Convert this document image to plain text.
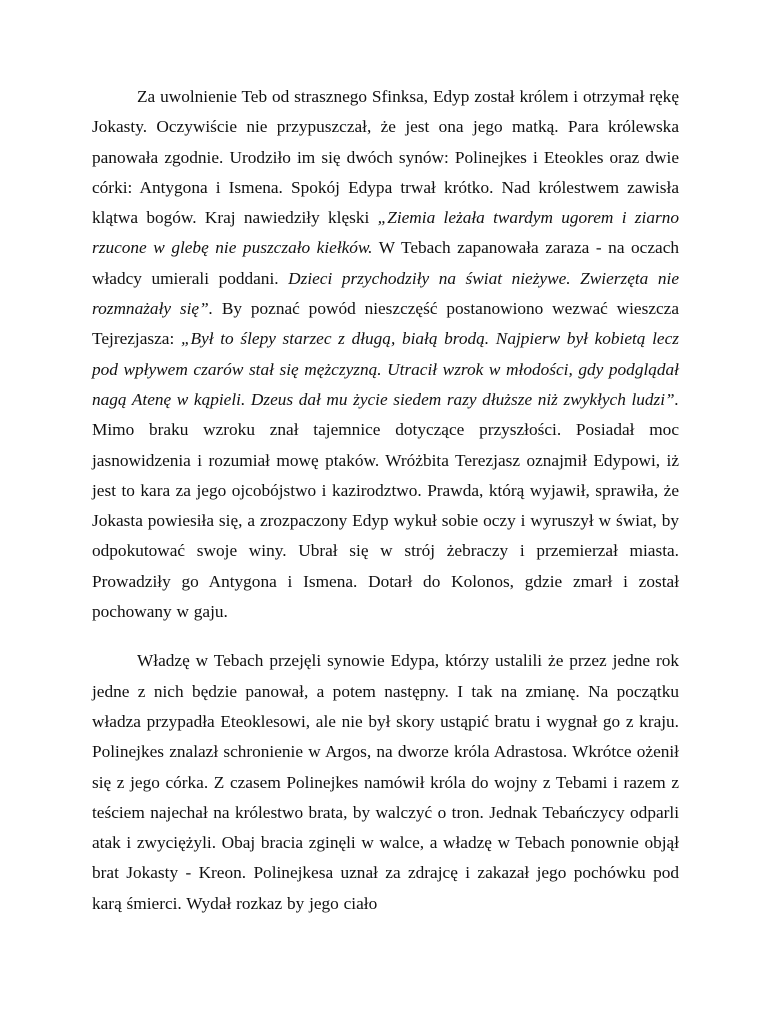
Za uwolnienie Teb od strasznego Sfinksa, Edyp został królem i otrzymał rękę Jokasty. Oczywiście nie przypuszczał, że jest ona jego matką. Para królewska panowała zgodnie. Urodziło im się dwóch synów: Polinejkes i Eteokles oraz dwie córki: Antygona i Ismena. Spokój Edypa trwał krótko. Nad królestwem zawisła klątwa bogów. Kraj nawiedziły klęski „Ziemia leżała twardym ugorem i ziarno rzucone w glebę nie puszczało kiełków. W Tebach zapanowała zaraza - na oczach władcy umierali poddani. Dzieci przychodziły na świat nieżywe. Zwierzęta nie rozmnażały się”. By poznać powód nieszczęść postanowiono wezwać wieszcza Tejrezjasza: „Był to ślepy starzec z długą, białą brodą. Najpierw był kobietą lecz pod wpływem czarów stał się mężczyzną. Utracił wzrok w młodości, gdy podglądał nagą Atenę w kąpieli. Dzeus dał mu życie siedem razy dłuższe niż zwykłych ludzi”. Mimo braku wzroku znał tajemnice dotyczące przyszłości. Posiadał moc jasnowidzenia i rozumiał mowę ptaków. Wróżbita Terezjasz oznajmił Edypowi, iż jest to kara za jego ojcobójstwo i kazirodztwo. Prawda, którą wyjawił, sprawiła, że Jokasta powiesiła się, a zrozpaczony Edyp wykuł sobie oczy i wyruszył w świat, by odpokutować swoje winy. Ubrał się w strój żebraczy i przemierzał miasta. Prowadziły go Antygona i Ismena. Dotarł do Kolonos, gdzie zmarł i został pochowany w gaju.

Władzę w Tebach przejęli synowie Edypa, którzy ustalili że przez jedne rok jedne z nich będzie panował, a potem następny. I tak na zmianę. Na początku władza przypadła Eteoklesowi, ale nie był skory ustąpić bratu i wygnał go z kraju. Polinejkes znalazł schronienie w Argos, na dworze króla Adrastosa. Wkrótce ożenił się z jego córka. Z czasem Polinejkes namówił króla do wojny z Tebami i razem z teściem najechał na królestwo brata, by walczyć o tron. Jednak Tebańczycy odparli atak i zwyciężyli. Obaj bracia zginęli w walce, a władzę w Tebach ponownie objął brat Jokasty - Kreon. Polinejkesa uznał za zdrajcę i zakazał jego pochówku pod karą śmierci. Wydał rozkaz by jego ciało
